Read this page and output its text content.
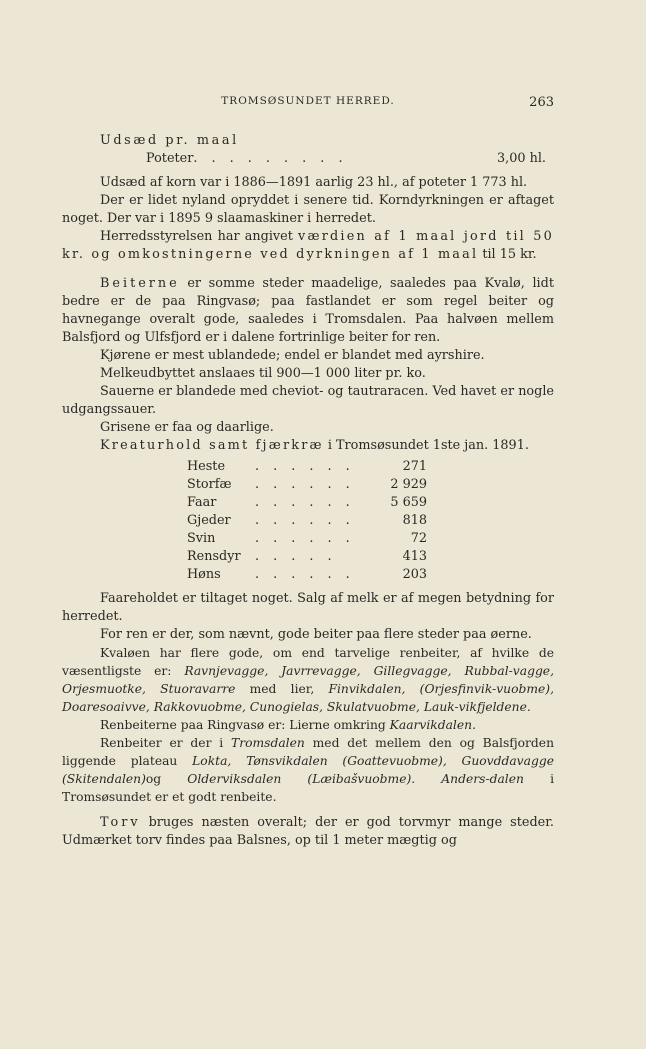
TROMSØSUNDET HERRED.	263
Udsæd pr. maal
Poteter . . . . . . . . .	3,00 hl.

Udsæd af korn var i 1886—1891 aarlig 23 hl., af poteter 1 773 hl.

Der er lidet nyland opryddet i senere tid. Korndyrkningen er aftaget noget. Der var i 1895 9 slaamaskiner i herredet.

Herredsstyrelsen har angivet værdien af 1 maal jord til 50 kr. og omkostningerne ved dyrkningen af 1 maal til 15 kr.

Beiterne er somme steder maadelige, saaledes paa Kvalø, lidt bedre er de paa Ringvasø; paa fastlandet er som regel beiter og havnegange overalt gode, saaledes i Tromsdalen. Paa halvøen mellem Balsfjord og Ulfsfjord er i dalene fortrinlige beiter for ren.

Kjørene er mest ublandede; endel er blandet med ayrshire.

Melkeudbyttet anslaaes til 900—1 000 liter pr. ko.

Sauerne er blandede med cheviot- og tautraracen. Ved havet er nogle udgangssauer.

Grisene er faa og daarlige.

Kreaturhold samt fjærkræ i Tromsøsundet 1ste jan. 1891.

Heste	. . . . . .	271
Storfæ	. . . . . .	2 929
Faar	. . . . . .	5 659
Gjeder	. . . . . .	818
Svin	. . . . . .	72
Rensdyr	. . . . .	413
Høns	. . . . . .	203

Faareholdet er tiltaget noget. Salg af melk er af megen betydning for herredet.

For ren er der, som nævnt, gode beiter paa flere steder paa øerne.

Kvaløen har flere gode, om end tarvelige renbeiter, af hvilke de væsentligste er: Ravnjevagge, Javrrevagge, Gillegvagge, Rubbal-vagge, Orjesmuotke, Stuoravarre med lier, Finvikdalen, (Orjesfinvik-vuobme), Doaresoaivve, Rakkovuobme, Cunogielas, Skulatvuobme, Lauk-vikfjeldene.

Renbeiterne paa Ringvasø er: Lierne omkring Kaarvikdalen.

Renbeiter er der i Tromsdalen med det mellem den og Balsfjorden liggende plateau Lokta, Tønsvikdalen (Goattevuobme), Guovddavagge (Skitendalen)og Olderviksdalen (Læibašvuobme). Anders-dalen i Tromsøsundet er et godt renbeite.

Torv bruges næsten overalt; der er god torvmyr mange steder. Udmærket torv findes paa Balsnes, op til 1 meter mægtig og
